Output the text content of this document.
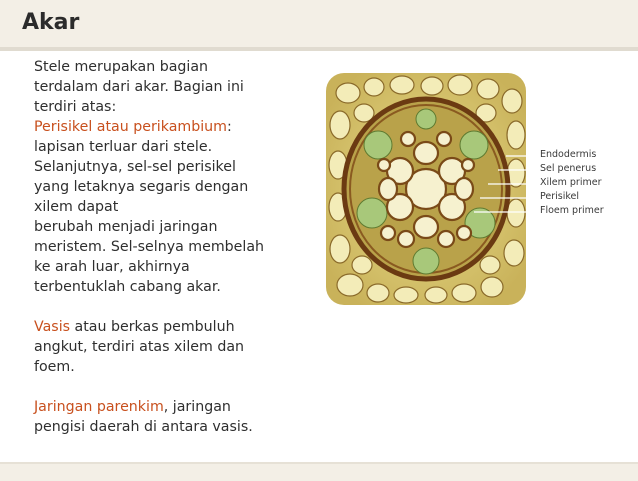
Akar

Stele merupakan bagian

terdalam dari akar. Bagian ini

terdiri atas:

Perisikel atau perikambium:

lapisan terluar dari stele.

Selanjutnya, sel-sel perisikel

yang letaknya segaris dengan

xilem dapat

berubah menjadi jaringan

meristem. Sel-selnya membelah

ke arah luar, akhirnya

terbentuklah cabang akar.

Vasis atau berkas pembuluh

angkut, terdiri atas xilem dan

foem.

Jaringan parenkim, jaringan

pengisi daerah di antara vasis.

Endodermis
Sel penerus
Xilem primer
Perisikel
Floem primer
